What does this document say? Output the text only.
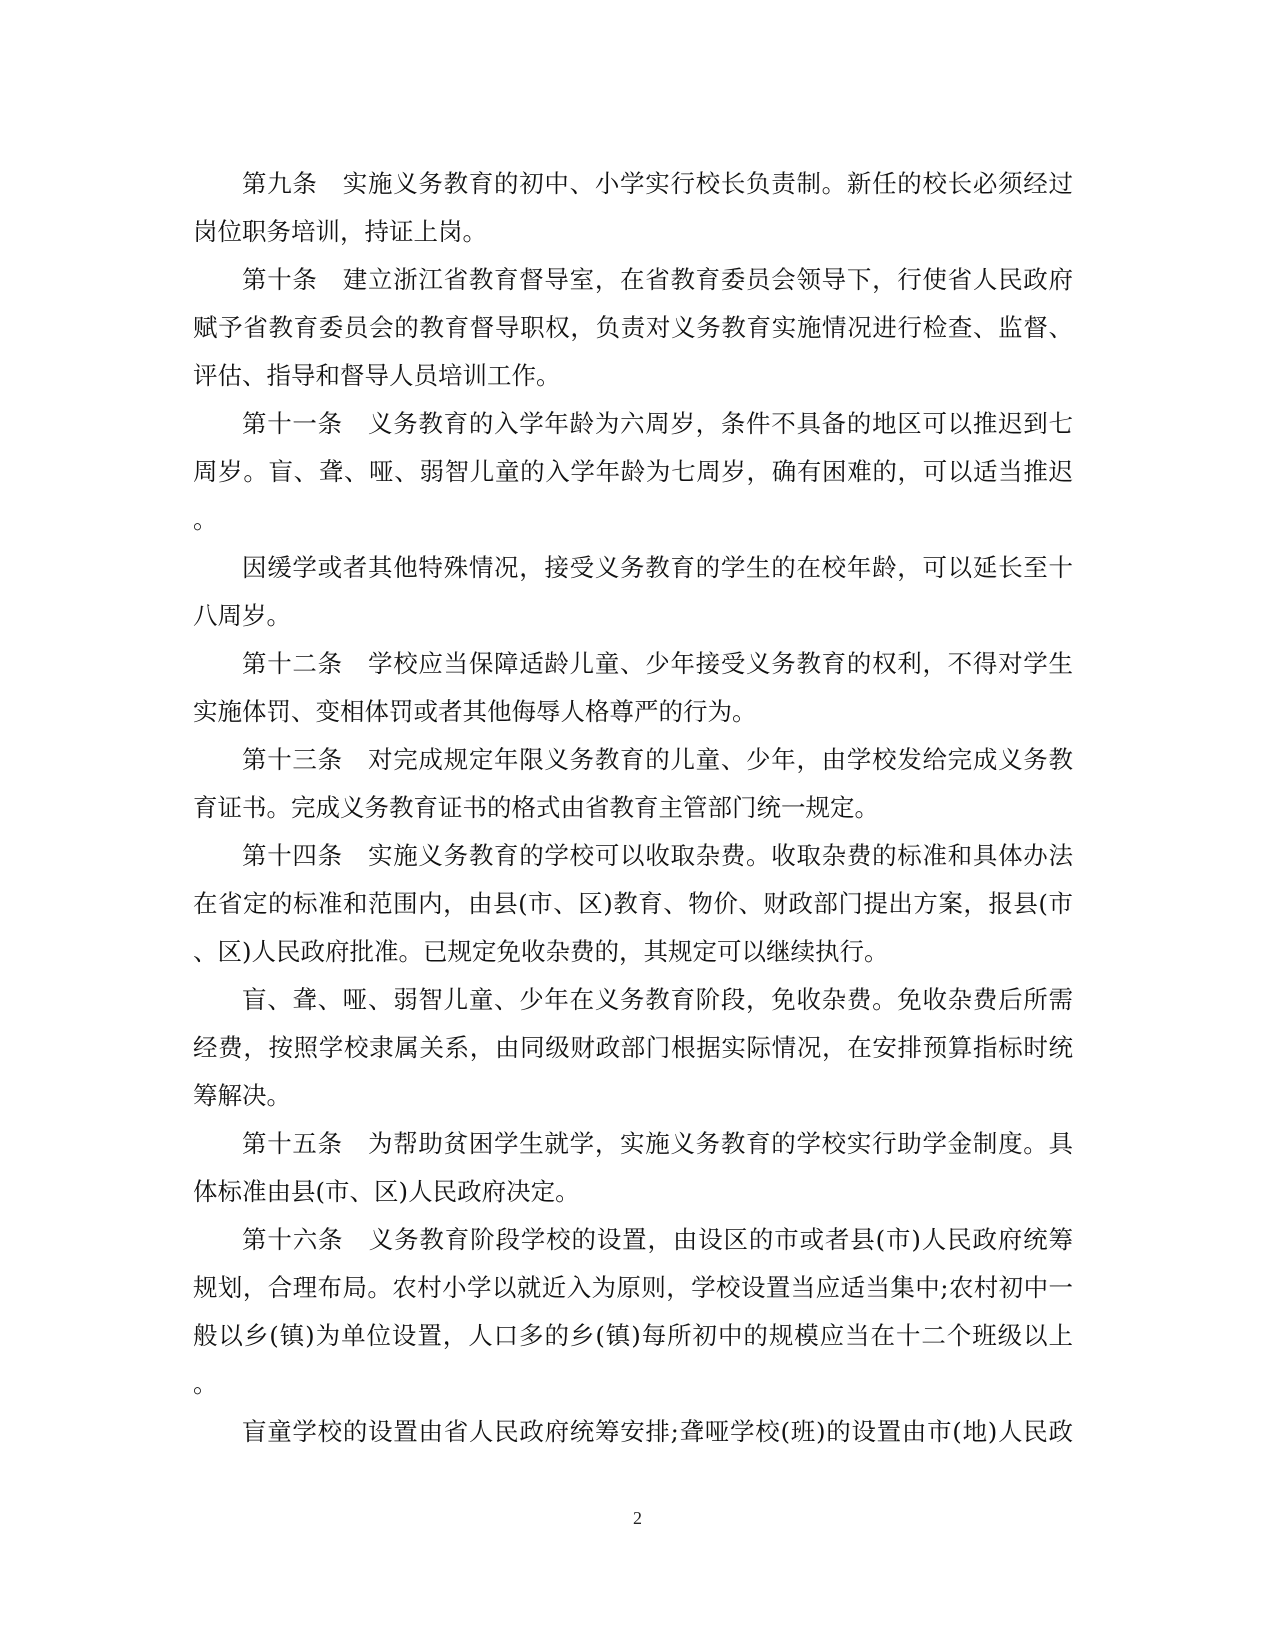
第九条　实施义务教育的初中、小学实行校长负责制。新任的校长必须经过
岗位职务培训，持证上岗。
第十条　建立浙江省教育督导室，在省教育委员会领导下，行使省人民政府
赋予省教育委员会的教育督导职权，负责对义务教育实施情况进行检查、监督、
评估、指导和督导人员培训工作。
第十一条　义务教育的入学年龄为六周岁，条件不具备的地区可以推迟到七
周岁。盲、聋、哑、弱智儿童的入学年龄为七周岁，确有困难的，可以适当推迟
。
因缓学或者其他特殊情况，接受义务教育的学生的在校年龄，可以延长至十
八周岁。
第十二条　学校应当保障适龄儿童、少年接受义务教育的权利，不得对学生
实施体罚、变相体罚或者其他侮辱人格尊严的行为。
第十三条　对完成规定年限义务教育的儿童、少年，由学校发给完成义务教
育证书。完成义务教育证书的格式由省教育主管部门统一规定。
第十四条　实施义务教育的学校可以收取杂费。收取杂费的标准和具体办法
在省定的标准和范围内，由县(市、区)教育、物价、财政部门提出方案，报县(市
、区)人民政府批准。已规定免收杂费的，其规定可以继续执行。
盲、聋、哑、弱智儿童、少年在义务教育阶段，免收杂费。免收杂费后所需
经费，按照学校隶属关系，由同级财政部门根据实际情况，在安排预算指标时统
筹解决。
第十五条　为帮助贫困学生就学，实施义务教育的学校实行助学金制度。具
体标准由县(市、区)人民政府决定。
第十六条　义务教育阶段学校的设置，由设区的市或者县(市)人民政府统筹
规划，合理布局。农村小学以就近入为原则，学校设置当应适当集中;农村初中一
般以乡(镇)为单位设置，人口多的乡(镇)每所初中的规模应当在十二个班级以上
。
盲童学校的设置由省人民政府统筹安排;聋哑学校(班)的设置由市(地)人民政
2
